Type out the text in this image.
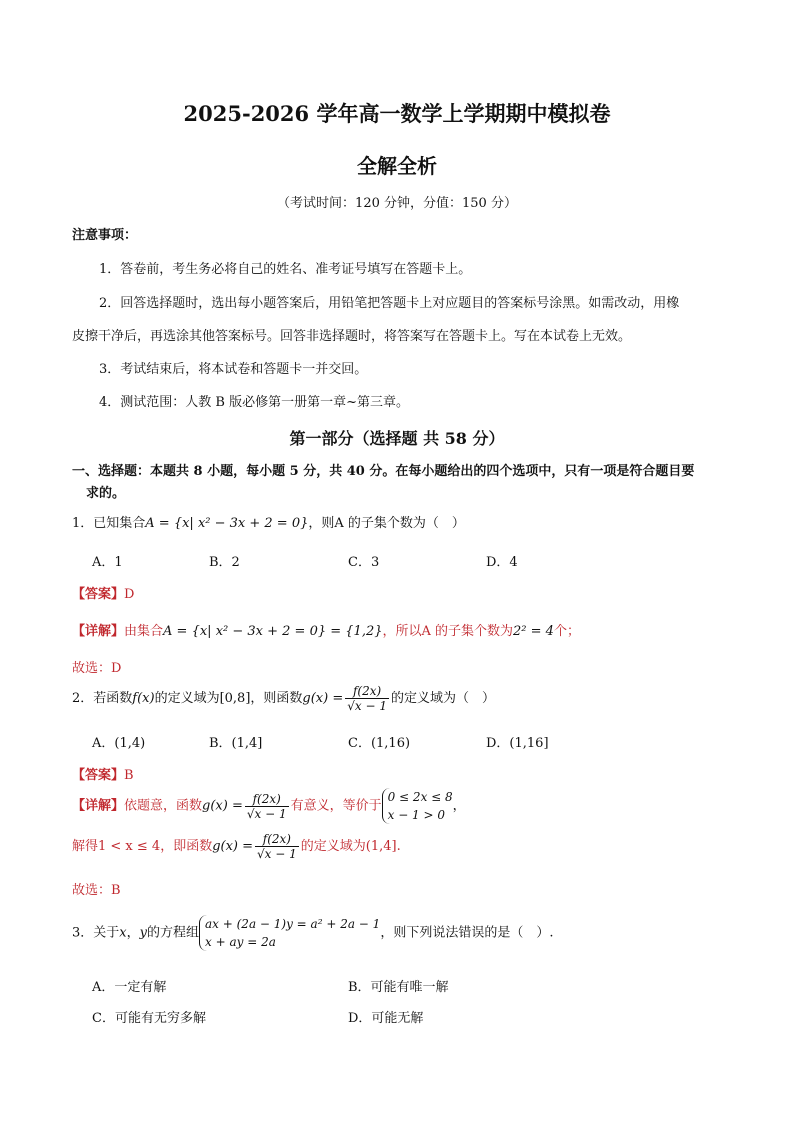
2025-2026 学年高一数学上学期期中模拟卷
全解全析
（考试时间：120 分钟，分值：150 分）
注意事项：
1．答卷前，考生务必将自己的姓名、准考证号填写在答题卡上。
2．回答选择题时，选出每小题答案后，用铅笔把答题卡上对应题目的答案标号涂黑。如需改动，用橡
皮擦干净后，再选涂其他答案标号。回答非选择题时，将答案写在答题卡上。写在本试卷上无效。
3．考试结束后，将本试卷和答题卡一并交回。
4．测试范围：人教 B 版必修第一册第一章~第三章。
第一部分（选择题 共 58 分）
一、选择题：本题共 8 小题，每小题 5 分，共 40 分。在每小题给出的四个选项中，只有一项是符合题目要
求的。
1．已知集合A = {x| x² − 3x + 2 = 0}，则A 的子集个数为（　）
A．1	B．2	C．3	D．4
【答案】D
【详解】由集合A = {x| x² − 3x + 2 = 0} = {1,2}，所以A 的子集个数为2² = 4个；
故选：D
2．若函数f(x)的定义域为[0,8]，则函数$g(x) = \frac{f(2x)}{√x - 1}$ 的定义域为（　）
A．(1,4)	B．(1,4]	C．(1,16)	D．(1,16]
【答案】B
【详解】依题意，函数$g(x) = \frac{f(2x)}{√x - 1}$ 有意义，等价于
0 ≤ 2x ≤ 8
x − 1 > 0
，
解得1 < x ≤ 4，即函数$g(x) = \frac{f(2x)}{√x - 1}$ 的定义域为(1,4].
故选：B
3．关于x，y的方程组
ax + (2a − 1)y = a² + 2a − 1
x + ay = 2a
，则下列说法错误的是（　）.
A．一定有解	B．可能有唯一解
C．可能有无穷多解	D．可能无解
